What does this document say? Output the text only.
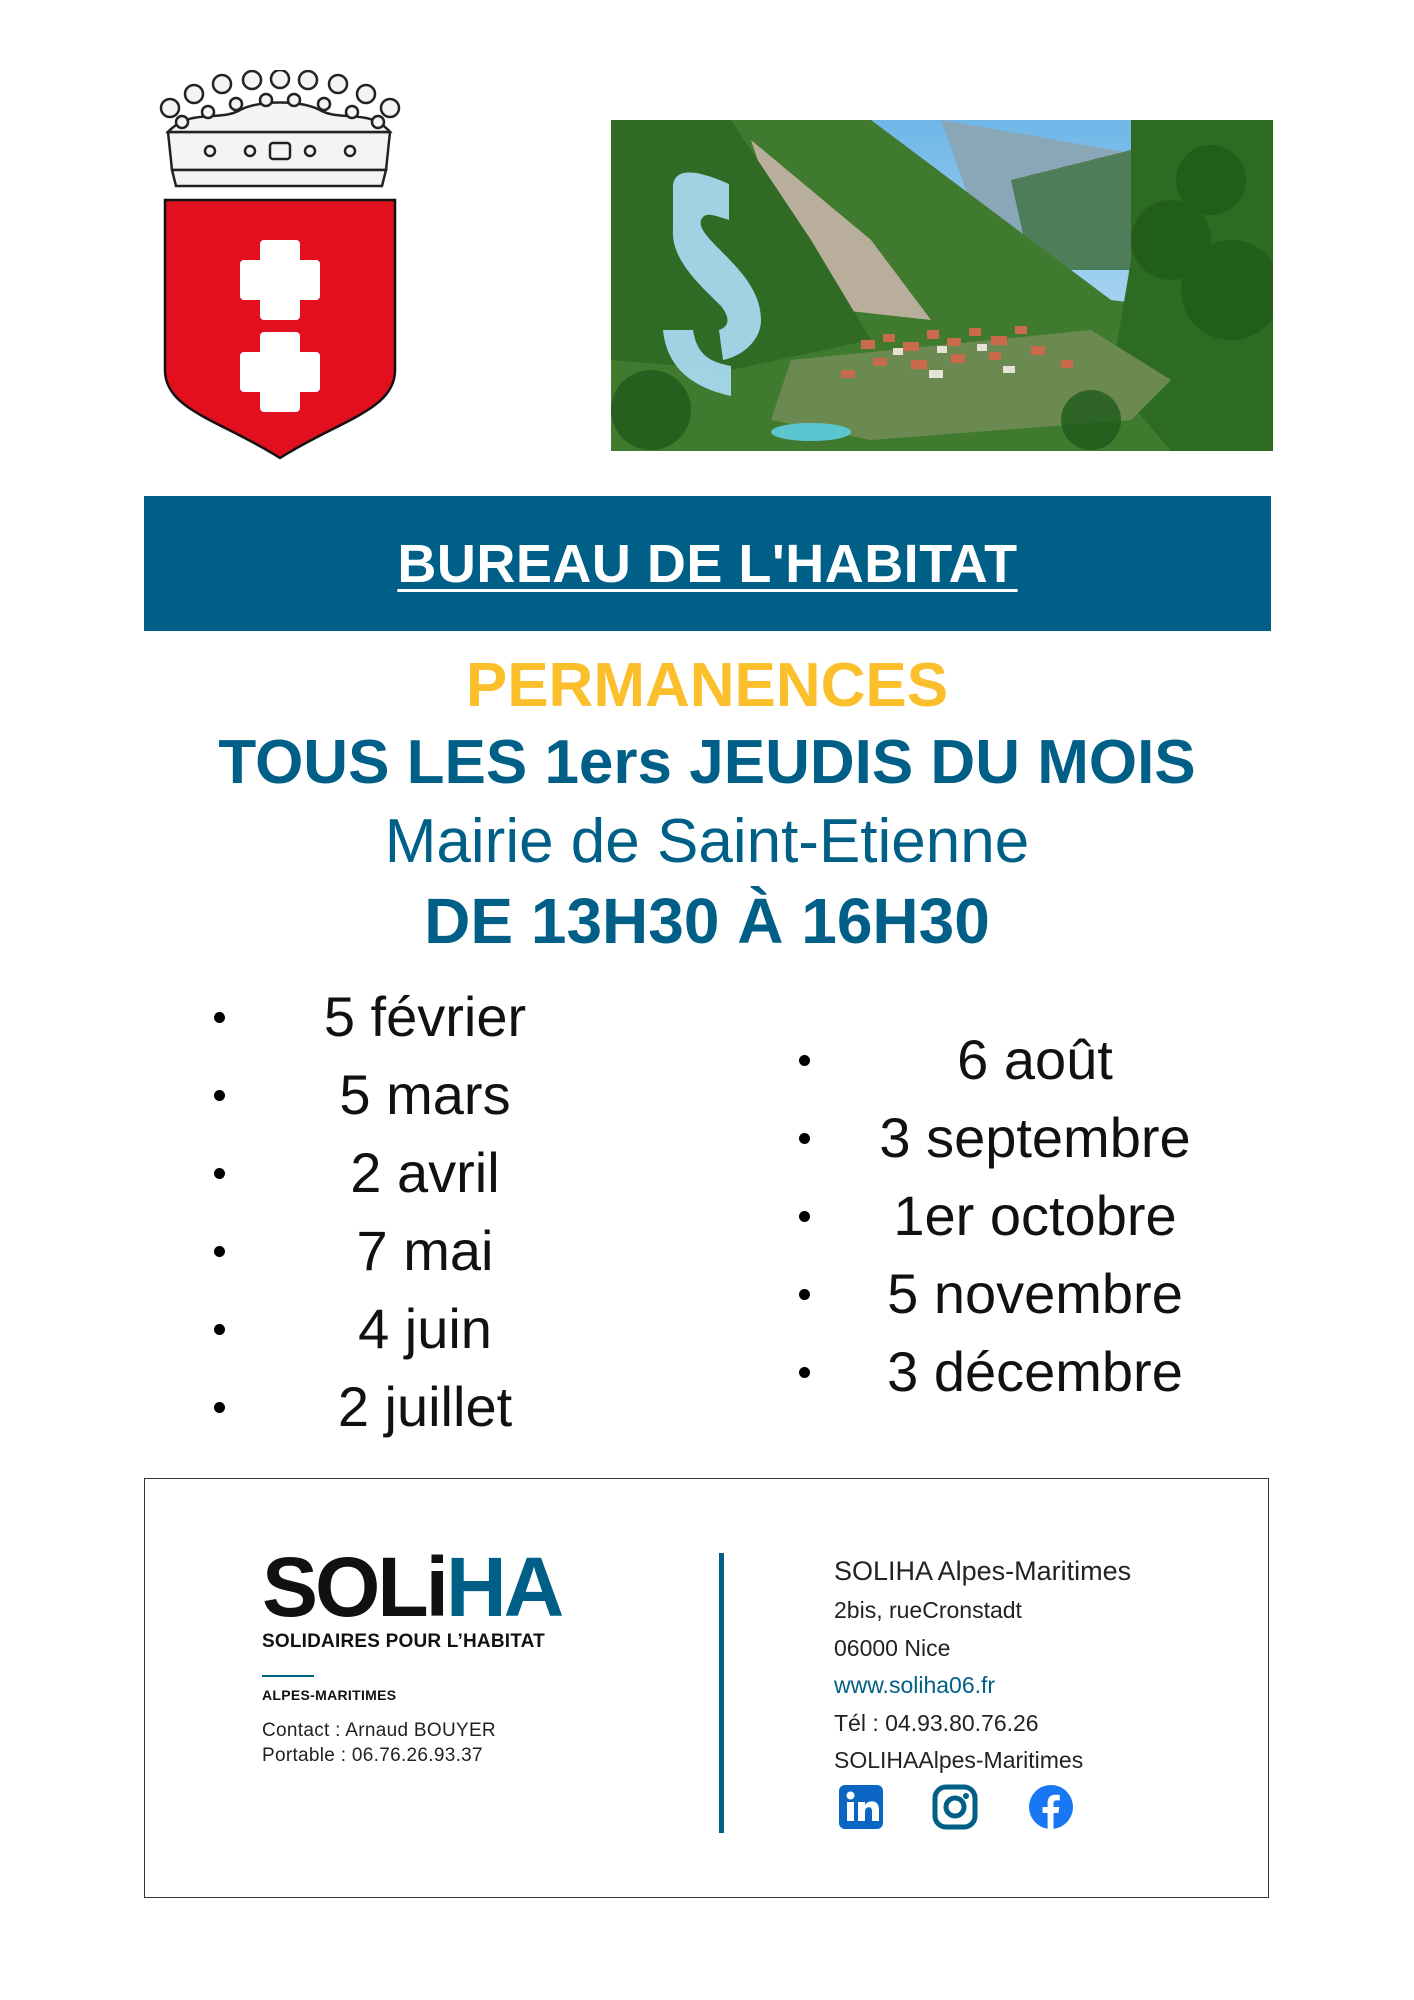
BUREAU DE L'HABITAT
PERMANENCES
TOUS LES 1ers JEUDIS DU MOIS
Mairie de Saint-Etienne
DE 13H30 À 16H30
5 février
5 mars
2 avril
7 mai
4 juin
2 juillet
6 août
3 septembre
1er octobre
5 novembre
3 décembre
SOLiHA
SOLIDAIRES POUR L’HABITAT
ALPES-MARITIMES
Contact : Arnaud BOUYER
Portable : 06.76.26.93.37
SOLIHA Alpes-Maritimes
2bis, rueCronstadt
06000 Nice
www.soliha06.fr
Tél : 04.93.80.76.26
SOLIHAAlpes-Maritimes
